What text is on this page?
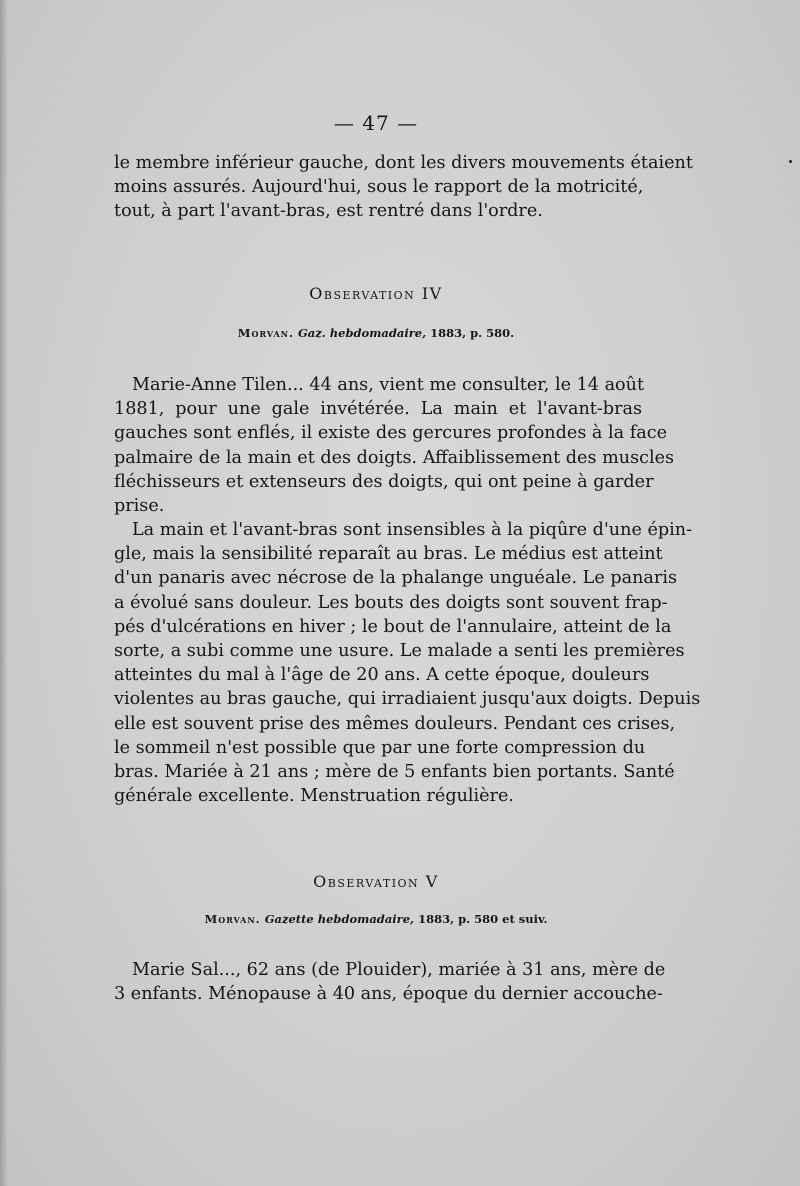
— 47 —
le membre inférieur gauche, dont les divers mouvements étaient
moins assurés. Aujourd'hui, sous le rapport de la motricité,
tout, à part l'avant-bras, est rentré dans l'ordre.
Observation IV
Morvan. Gaz. hebdomadaire, 1883, p. 580.
Marie-Anne Tilen... 44 ans, vient me consulter, le 14 août
1881, pour une gale invétérée. La main et l'avant-bras
gauches sont enflés, il existe des gercures profondes à la face
palmaire de la main et des doigts. Affaiblissement des muscles
fléchisseurs et extenseurs des doigts, qui ont peine à garder
prise.
La main et l'avant-bras sont insensibles à la piqûre d'une épin-
gle, mais la sensibilité reparaît au bras. Le médius est atteint
d'un panaris avec nécrose de la phalange unguéale. Le panaris
a évolué sans douleur. Les bouts des doigts sont souvent frap-
pés d'ulcérations en hiver ; le bout de l'annulaire, atteint de la
sorte, a subi comme une usure. Le malade a senti les premières
atteintes du mal à l'âge de 20 ans. A cette époque, douleurs
violentes au bras gauche, qui irradiaient jusqu'aux doigts. Depuis
elle est souvent prise des mêmes douleurs. Pendant ces crises,
le sommeil n'est possible que par une forte compression du
bras. Mariée à 21 ans ; mère de 5 enfants bien portants. Santé
générale excellente. Menstruation régulière.
Observation V
Morvan. Gazette hebdomadaire, 1883, p. 580 et suiv.
Marie Sal..., 62 ans (de Plouider), mariée à 31 ans, mère de
3 enfants. Ménopause à 40 ans, époque du dernier accouche-
